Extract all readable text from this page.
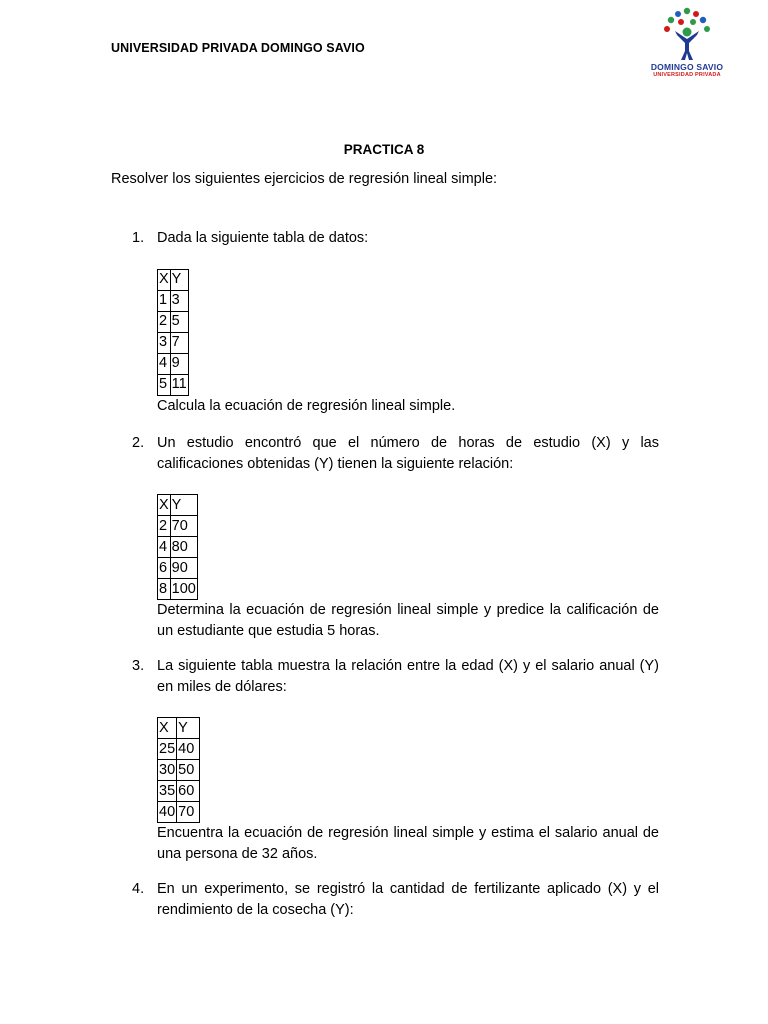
UNIVERSIDAD PRIVADA DOMINGO SAVIO
DOMINGO SAVIO
UNIVERSIDAD PRIVADA
PRACTICA 8
Resolver los siguientes ejercicios de regresión lineal simple:
1. Dada la siguiente tabla de datos:
X	Y
1	3
2	5
3	7
4	9
5	11
Calcula la ecuación de regresión lineal simple.
2. Un estudio encontró que el número de horas de estudio (X) y las calificaciones obtenidas (Y) tienen la siguiente relación:
X	Y
2	70
4	80
6	90
8	100
Determina la ecuación de regresión lineal simple y predice la calificación de un estudiante que estudia 5 horas.
3. La siguiente tabla muestra la relación entre la edad (X) y el salario anual (Y) en miles de dólares:
X	Y
25	40
30	50
35	60
40	70
Encuentra la ecuación de regresión lineal simple y estima el salario anual de una persona de 32 años.
4. En un experimento, se registró la cantidad de fertilizante aplicado (X) y el rendimiento de la cosecha (Y):
